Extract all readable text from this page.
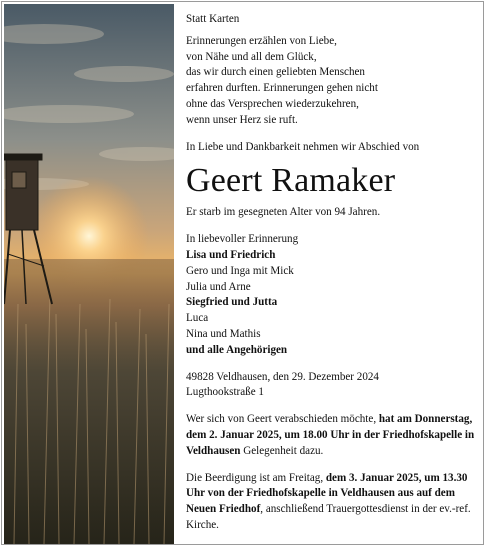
Statt Karten
Erinnerungen erzählen von Liebe,
von Nähe und all dem Glück,
das wir durch einen geliebten Menschen
erfahren durften. Erinnerungen gehen nicht
ohne das Versprechen wiederzukehren,
wenn unser Herz sie ruft.
In Liebe und Dankbarkeit nehmen wir Abschied von
Geert Ramaker
Er starb im gesegneten Alter von 94 Jahren.
In liebevoller Erinnerung
Lisa und Friedrich
Gero und Inga mit Mick
Julia und Arne
Siegfried und Jutta
Luca
Nina und Mathis
und alle Angehörigen
49828 Veldhausen, den 29. Dezember 2024
Lugthookstraße 1
Wer sich von Geert verabschieden möchte, hat am Donnerstag, dem 2. Januar 2025, um 18.00 Uhr in der Friedhofskapelle in Veldhausen Gelegenheit dazu.
Die Beerdigung ist am Freitag, dem 3. Januar 2025, um 13.30 Uhr von der Friedhofskapelle in Veldhausen aus auf dem Neuen Friedhof, anschließend Trauergottesdienst in der ev.-ref. Kirche.
